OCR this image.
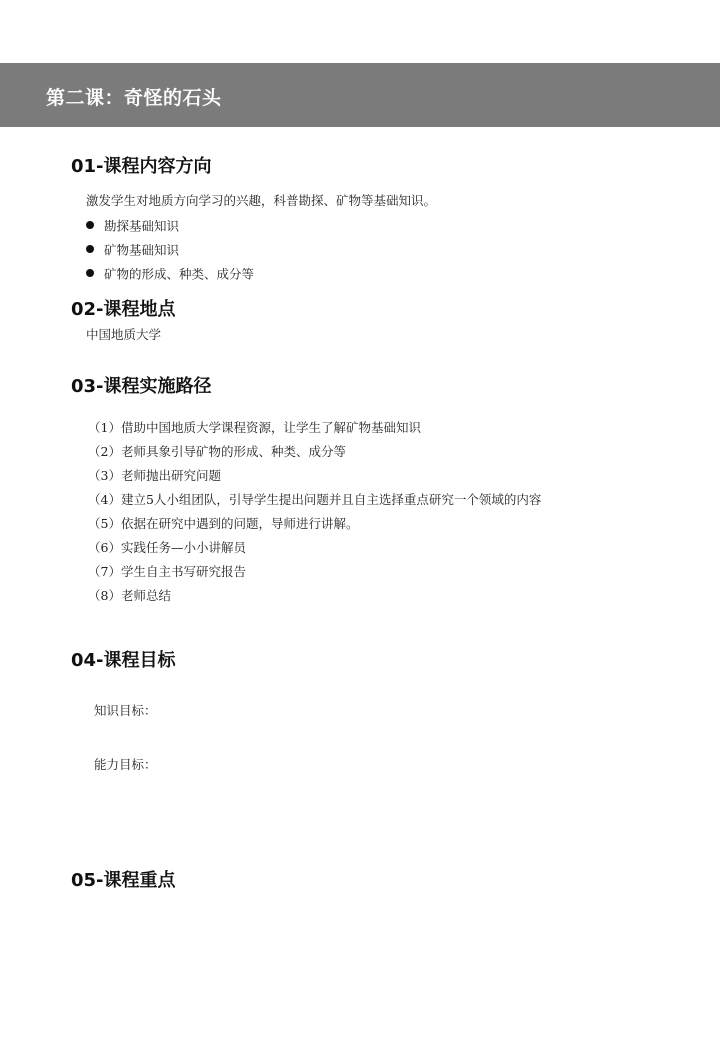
第二课：奇怪的石头
01-课程内容方向
激发学生对地质方向学习的兴趣，科普勘探、矿物等基础知识。
勘探基础知识
矿物基础知识
矿物的形成、种类、成分等
02-课程地点
中国地质大学
03-课程实施路径
（1）借助中国地质大学课程资源，让学生了解矿物基础知识
（2）老师具象引导矿物的形成、种类、成分等
（3）老师抛出研究问题
（4）建立5人小组团队，引导学生提出问题并且自主选择重点研究一个领域的内容
（5）依据在研究中遇到的问题，导师进行讲解。
（6）实践任务—小小讲解员
（7）学生自主书写研究报告
（8）老师总结
04-课程目标
知识目标：
能力目标：
05-课程重点
